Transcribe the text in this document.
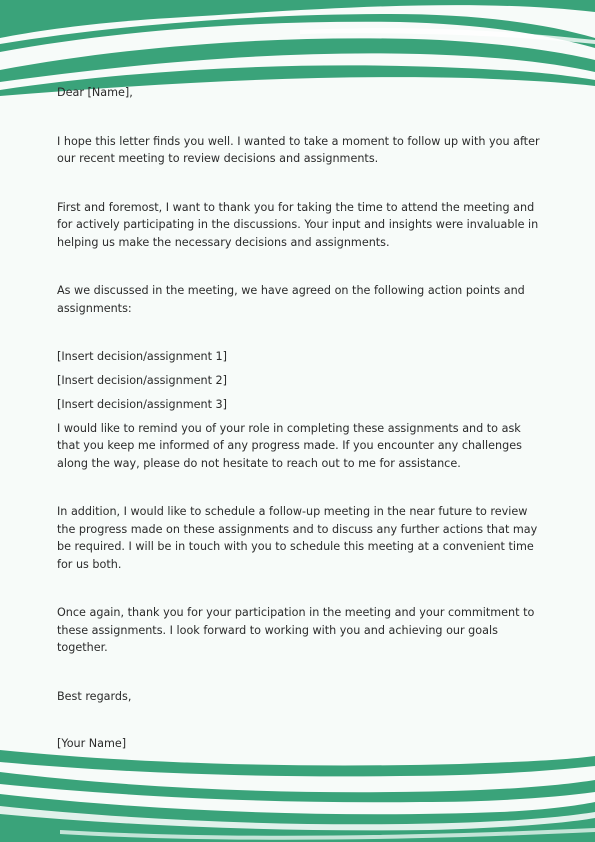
Dear [Name],

I hope this letter finds you well. I wanted to take a moment to follow up with you after our recent meeting to review decisions and assignments.

First and foremost, I want to thank you for taking the time to attend the meeting and for actively participating in the discussions. Your input and insights were invaluable in helping us make the necessary decisions and assignments.

As we discussed in the meeting, we have agreed on the following action points and assignments:

[Insert decision/assignment 1]

[Insert decision/assignment 2]

[Insert decision/assignment 3]

I would like to remind you of your role in completing these assignments and to ask that you keep me informed of any progress made. If you encounter any challenges along the way, please do not hesitate to reach out to me for assistance.

In addition, I would like to schedule a follow-up meeting in the near future to review the progress made on these assignments and to discuss any further actions that may be required. I will be in touch with you to schedule this meeting at a convenient time for us both.

Once again, thank you for your participation in the meeting and your commitment to these assignments. I look forward to working with you and achieving our goals together.

Best regards,

[Your Name]
